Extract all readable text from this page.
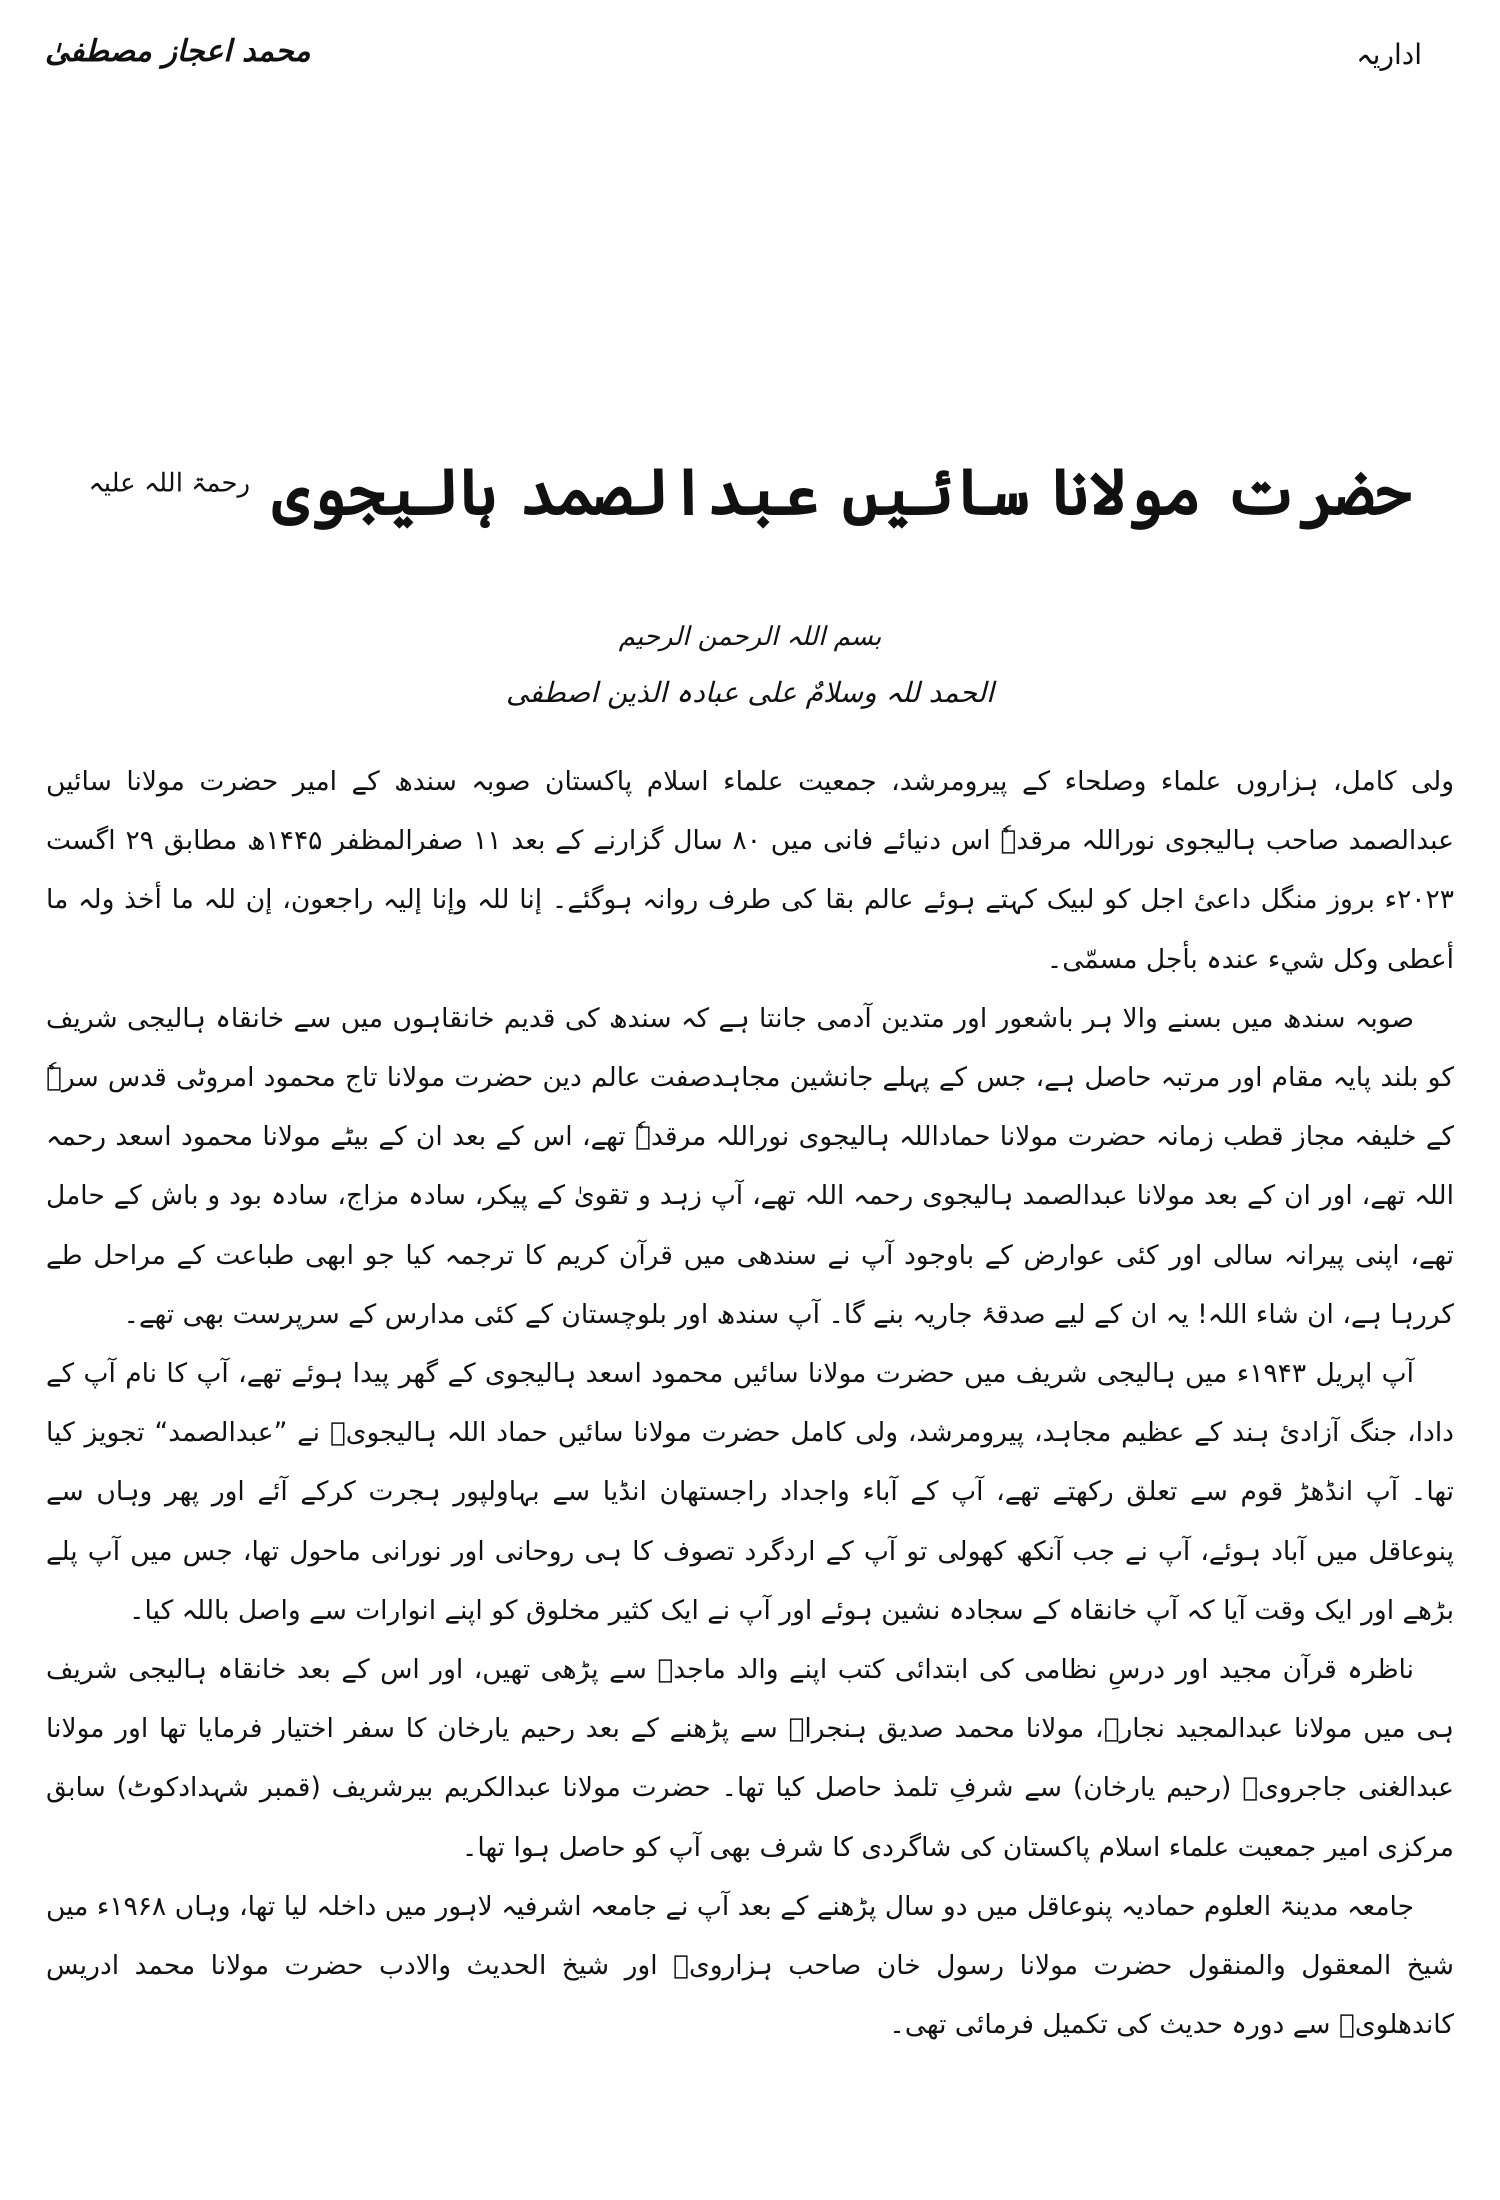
اداریہ
محمد اعجاز مصطفیٰ
حضرت مولانا سائیں عبدالصمد ہالیجوی $^{رحمۃ اللہ علیہ}$
بسم اللہ الرحمن الرحیم
الحمد للہ وسلامٌ علی عبادہ الذین اصطفی

ولی کامل، ہزاروں علماء وصلحاء کے پیرومرشد، جمعیت علماء اسلام پاکستان صوبہ سندھ کے امیر حضرت مولانا سائیں عبدالصمد صاحب ہالیجوی نوراللہ مرقدہٗ اس دنیائے فانی میں ۸۰ سال گزارنے کے بعد ۱۱ صفرالمظفر ۱۴۴۵ھ مطابق ۲۹ اگست ۲۰۲۳ء بروز منگل داعیٔ اجل کو لبیک کہتے ہوئے عالم بقا کی طرف روانہ ہوگئے۔ إنا للہ وإنا إلیہ راجعون، إن للہ ما أخذ ولہ ما أعطی وکل شيء عندہ بأجل مسمّی۔

صوبہ سندھ میں بسنے والا ہر باشعور اور متدین آدمی جانتا ہے کہ سندھ کی قدیم خانقاہوں میں سے خانقاہ ہالیجی شریف کو بلند پایہ مقام اور مرتبہ حاصل ہے، جس کے پہلے جانشین مجاہدصفت عالم دین حضرت مولانا تاج محمود امروٹی قدس سرہٗ کے خلیفہ مجاز قطب زمانہ حضرت مولانا حماداللہ ہالیجوی نوراللہ مرقدہٗ تھے، اس کے بعد ان کے بیٹے مولانا محمود اسعد رحمہ اللہ تھے، اور ان کے بعد مولانا عبدالصمد ہالیجوی رحمہ اللہ تھے، آپ زہد و تقویٰ کے پیکر، سادہ مزاج، سادہ بود و باش کے حامل تھے، اپنی پیرانہ سالی اور کئی عوارض کے باوجود آپ نے سندھی میں قرآن کریم کا ترجمہ کیا جو ابھی طباعت کے مراحل طے کررہا ہے، ان شاء اللہ! یہ ان کے لیے صدقۂ جاریہ بنے گا۔ آپ سندھ اور بلوچستان کے کئی مدارس کے سرپرست بھی تھے۔

آپ اپریل ۱۹۴۳ء میں ہالیجی شریف میں حضرت مولانا سائیں محمود اسعد ہالیجوی کے گھر پیدا ہوئے تھے، آپ کا نام آپ کے دادا، جنگ آزادیٔ ہند کے عظیم مجاہد، پیرومرشد، ولی کامل حضرت مولانا سائیں حماد اللہ ہالیجویؒ نے ”عبدالصمد“ تجویز کیا تھا۔ آپ انڈھڑ قوم سے تعلق رکھتے تھے، آپ کے آباء واجداد راجستھان انڈیا سے بہاولپور ہجرت کرکے آئے اور پھر وہاں سے پنوعاقل میں آباد ہوئے، آپ نے جب آنکھ کھولی تو آپ کے اردگرد تصوف کا ہی روحانی اور نورانی ماحول تھا، جس میں آپ پلے بڑھے اور ایک وقت آیا کہ آپ خانقاہ کے سجادہ نشین ہوئے اور آپ نے ایک کثیر مخلوق کو اپنے انوارات سے واصل باللہ کیا۔

ناظرہ قرآن مجید اور درسِ نظامی کی ابتدائی کتب اپنے والد ماجدؒ سے پڑھی تھیں، اور اس کے بعد خانقاہ ہالیجی شریف ہی میں مولانا عبدالمجید نجارؒ، مولانا محمد صدیق ہنجراؒ سے پڑھنے کے بعد رحیم یارخان کا سفر اختیار فرمایا تھا اور مولانا عبدالغنی جاجرویؒ (رحیم یارخان) سے شرفِ تلمذ حاصل کیا تھا۔ حضرت مولانا عبدالکریم بیرشریف (قمبر شہدادکوٹ) سابق مرکزی امیر جمعیت علماء اسلام پاکستان کی شاگردی کا شرف بھی آپ کو حاصل ہوا تھا۔

جامعہ مدینۃ العلوم حمادیہ پنوعاقل میں دو سال پڑھنے کے بعد آپ نے جامعہ اشرفیہ لاہور میں داخلہ لیا تھا، وہاں ۱۹۶۸ء میں شیخ المعقول والمنقول حضرت مولانا رسول خان صاحب ہزارویؒ اور شیخ الحدیث والادب حضرت مولانا محمد ادریس کاندھلویؒ سے دورہ حدیث کی تکمیل فرمائی تھی۔
